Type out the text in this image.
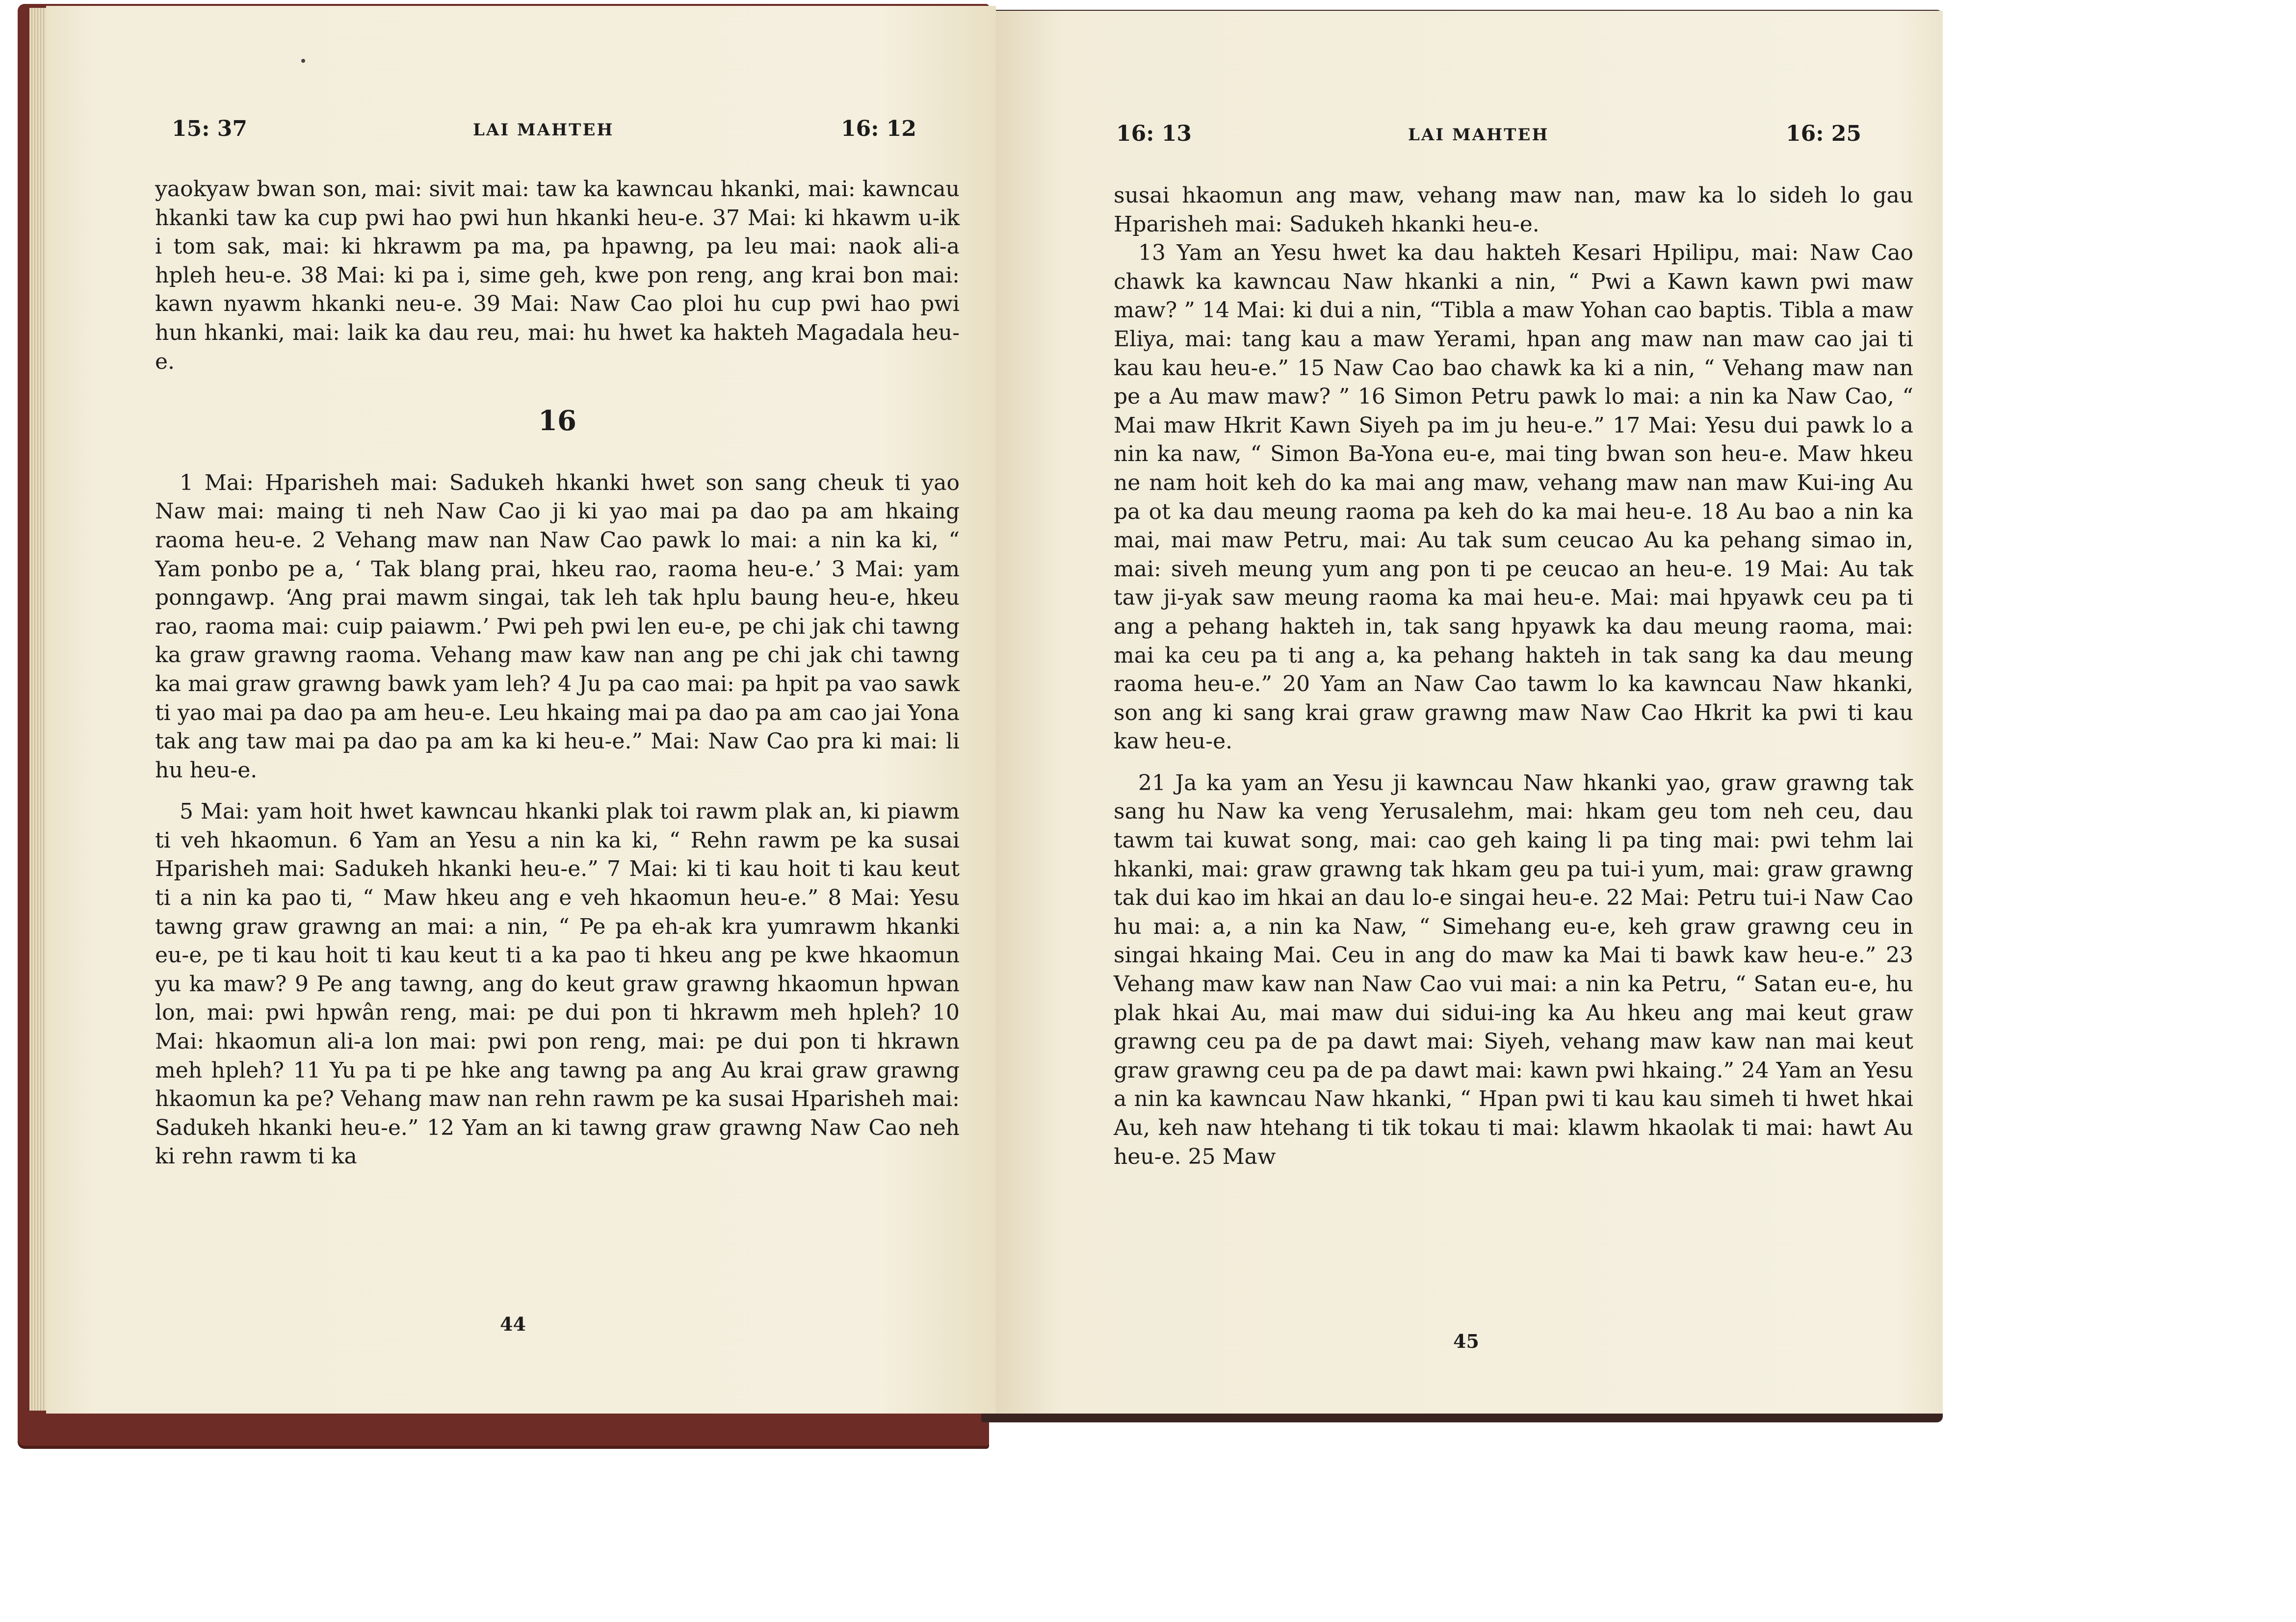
15: 37	LAI MAHTEH	16: 12

yaokyaw bwan son, mai: sivit mai: taw ka kawncau hkanki, mai: kawncau hkanki taw ka cup pwi hao pwi hun hkanki heu-e. 37 Mai: ki hkawm u-ik i tom sak, mai: ki hkrawm pa ma, pa hpawng, pa leu mai: naok ali-a hpleh heu-e. 38 Mai: ki pa i, sime geh, kwe pon reng, ang krai bon mai: kawn nyawm hkanki neu-e. 39 Mai: Naw Cao ploi hu cup pwi hao pwi hun hkanki, mai: laik ka dau reu, mai: hu hwet ka hakteh Magadala heu-e.

16

1 Mai: Hparisheh mai: Sadukeh hkanki hwet son sang cheuk ti yao Naw mai: maing ti neh Naw Cao ji ki yao mai pa dao pa am hkaing raoma heu-e. 2 Vehang maw nan Naw Cao pawk lo mai: a nin ka ki, “ Yam ponbo pe a, ‘ Tak blang prai, hkeu rao, raoma heu-e.’ 3 Mai: yam ponngawp. ‘Ang prai mawm singai, tak leh tak hplu baung heu-e, hkeu rao, raoma mai: cuip paiawm.’ Pwi peh pwi len eu-e, pe chi jak chi tawng ka graw grawng raoma. Vehang maw kaw nan ang pe chi jak chi tawng ka mai graw grawng bawk yam leh? 4 Ju pa cao mai: pa hpit pa vao sawk ti yao mai pa dao pa am heu-e. Leu hkaing mai pa dao pa am cao jai Yona tak ang taw mai pa dao pa am ka ki heu-e.” Mai: Naw Cao pra ki mai: li hu heu-e.

5 Mai: yam hoit hwet kawncau hkanki plak toi rawm plak an, ki piawm ti veh hkaomun. 6 Yam an Yesu a nin ka ki, “ Rehn rawm pe ka susai Hparisheh mai: Sadukeh hkanki heu-e.” 7 Mai: ki ti kau hoit ti kau keut ti a nin ka pao ti, “ Maw hkeu ang e veh hkaomun heu-e.” 8 Mai: Yesu tawng graw grawng an mai: a nin, “ Pe pa eh-ak kra yumrawm hkanki eu-e, pe ti kau hoit ti kau keut ti a ka pao ti hkeu ang pe kwe hkaomun yu ka maw? 9 Pe ang tawng, ang do keut graw grawng hkaomun hpwan lon, mai: pwi hpwân reng, mai: pe dui pon ti hkrawm meh hpleh? 10 Mai: hkaomun ali-a lon mai: pwi pon reng, mai: pe dui pon ti hkrawn meh hpleh? 11 Yu pa ti pe hke ang tawng pa ang Au krai graw grawng hkaomun ka pe? Vehang maw nan rehn rawm pe ka susai Hparisheh mai: Sadukeh hkanki heu-e.” 12 Yam an ki tawng graw grawng Naw Cao neh ki rehn rawm ti ka

44
16: 13	LAI MAHTEH	16: 25

susai hkaomun ang maw, vehang maw nan, maw ka lo sideh lo gau Hparisheh mai: Sadukeh hkanki heu-e.

13 Yam an Yesu hwet ka dau hakteh Kesari Hpilipu, mai: Naw Cao chawk ka kawncau Naw hkanki a nin, “ Pwi a Kawn kawn pwi maw maw? ” 14 Mai: ki dui a nin, “Tibla a maw Yohan cao baptis. Tibla a maw Eliya, mai: tang kau a maw Yerami, hpan ang maw nan maw cao jai ti kau kau heu-e.” 15 Naw Cao bao chawk ka ki a nin, “ Vehang maw nan pe a Au maw maw? ” 16 Simon Petru pawk lo mai: a nin ka Naw Cao, “ Mai maw Hkrit Kawn Siyeh pa im ju heu-e.” 17 Mai: Yesu dui pawk lo a nin ka naw, “ Simon Ba-Yona eu-e, mai ting bwan son heu-e. Maw hkeu ne nam hoit keh do ka mai ang maw, vehang maw nan maw Kui-ing Au pa ot ka dau meung raoma pa keh do ka mai heu-e. 18 Au bao a nin ka mai, mai maw Petru, mai: Au tak sum ceucao Au ka pehang simao in, mai: siveh meung yum ang pon ti pe ceucao an heu-e. 19 Mai: Au tak taw ji-yak saw meung raoma ka mai heu-e. Mai: mai hpyawk ceu pa ti ang a pehang hakteh in, tak sang hpyawk ka dau meung raoma, mai: mai ka ceu pa ti ang a, ka pehang hakteh in tak sang ka dau meung raoma heu-e.” 20 Yam an Naw Cao tawm lo ka kawncau Naw hkanki, son ang ki sang krai graw grawng maw Naw Cao Hkrit ka pwi ti kau kaw heu-e.

21 Ja ka yam an Yesu ji kawncau Naw hkanki yao, graw grawng tak sang hu Naw ka veng Yerusalehm, mai: hkam geu tom neh ceu, dau tawm tai kuwat song, mai: cao geh kaing li pa ting mai: pwi tehm lai hkanki, mai: graw grawng tak hkam geu pa tui-i yum, mai: graw grawng tak dui kao im hkai an dau lo-e singai heu-e. 22 Mai: Petru tui-i Naw Cao hu mai: a, a nin ka Naw, “ Simehang eu-e, keh graw grawng ceu in singai hkaing Mai. Ceu in ang do maw ka Mai ti bawk kaw heu-e.” 23 Vehang maw kaw nan Naw Cao vui mai: a nin ka Petru, “ Satan eu-e, hu plak hkai Au, mai maw dui sidui-ing ka Au hkeu ang mai keut graw grawng ceu pa de pa dawt mai: Siyeh, vehang maw kaw nan mai keut graw grawng ceu pa de pa dawt mai: kawn pwi hkaing.” 24 Yam an Yesu a nin ka kawncau Naw hkanki, “ Hpan pwi ti kau kau simeh ti hwet hkai Au, keh naw htehang ti tik tokau ti mai: klawm hkaolak ti mai: hawt Au heu-e. 25 Maw

45
